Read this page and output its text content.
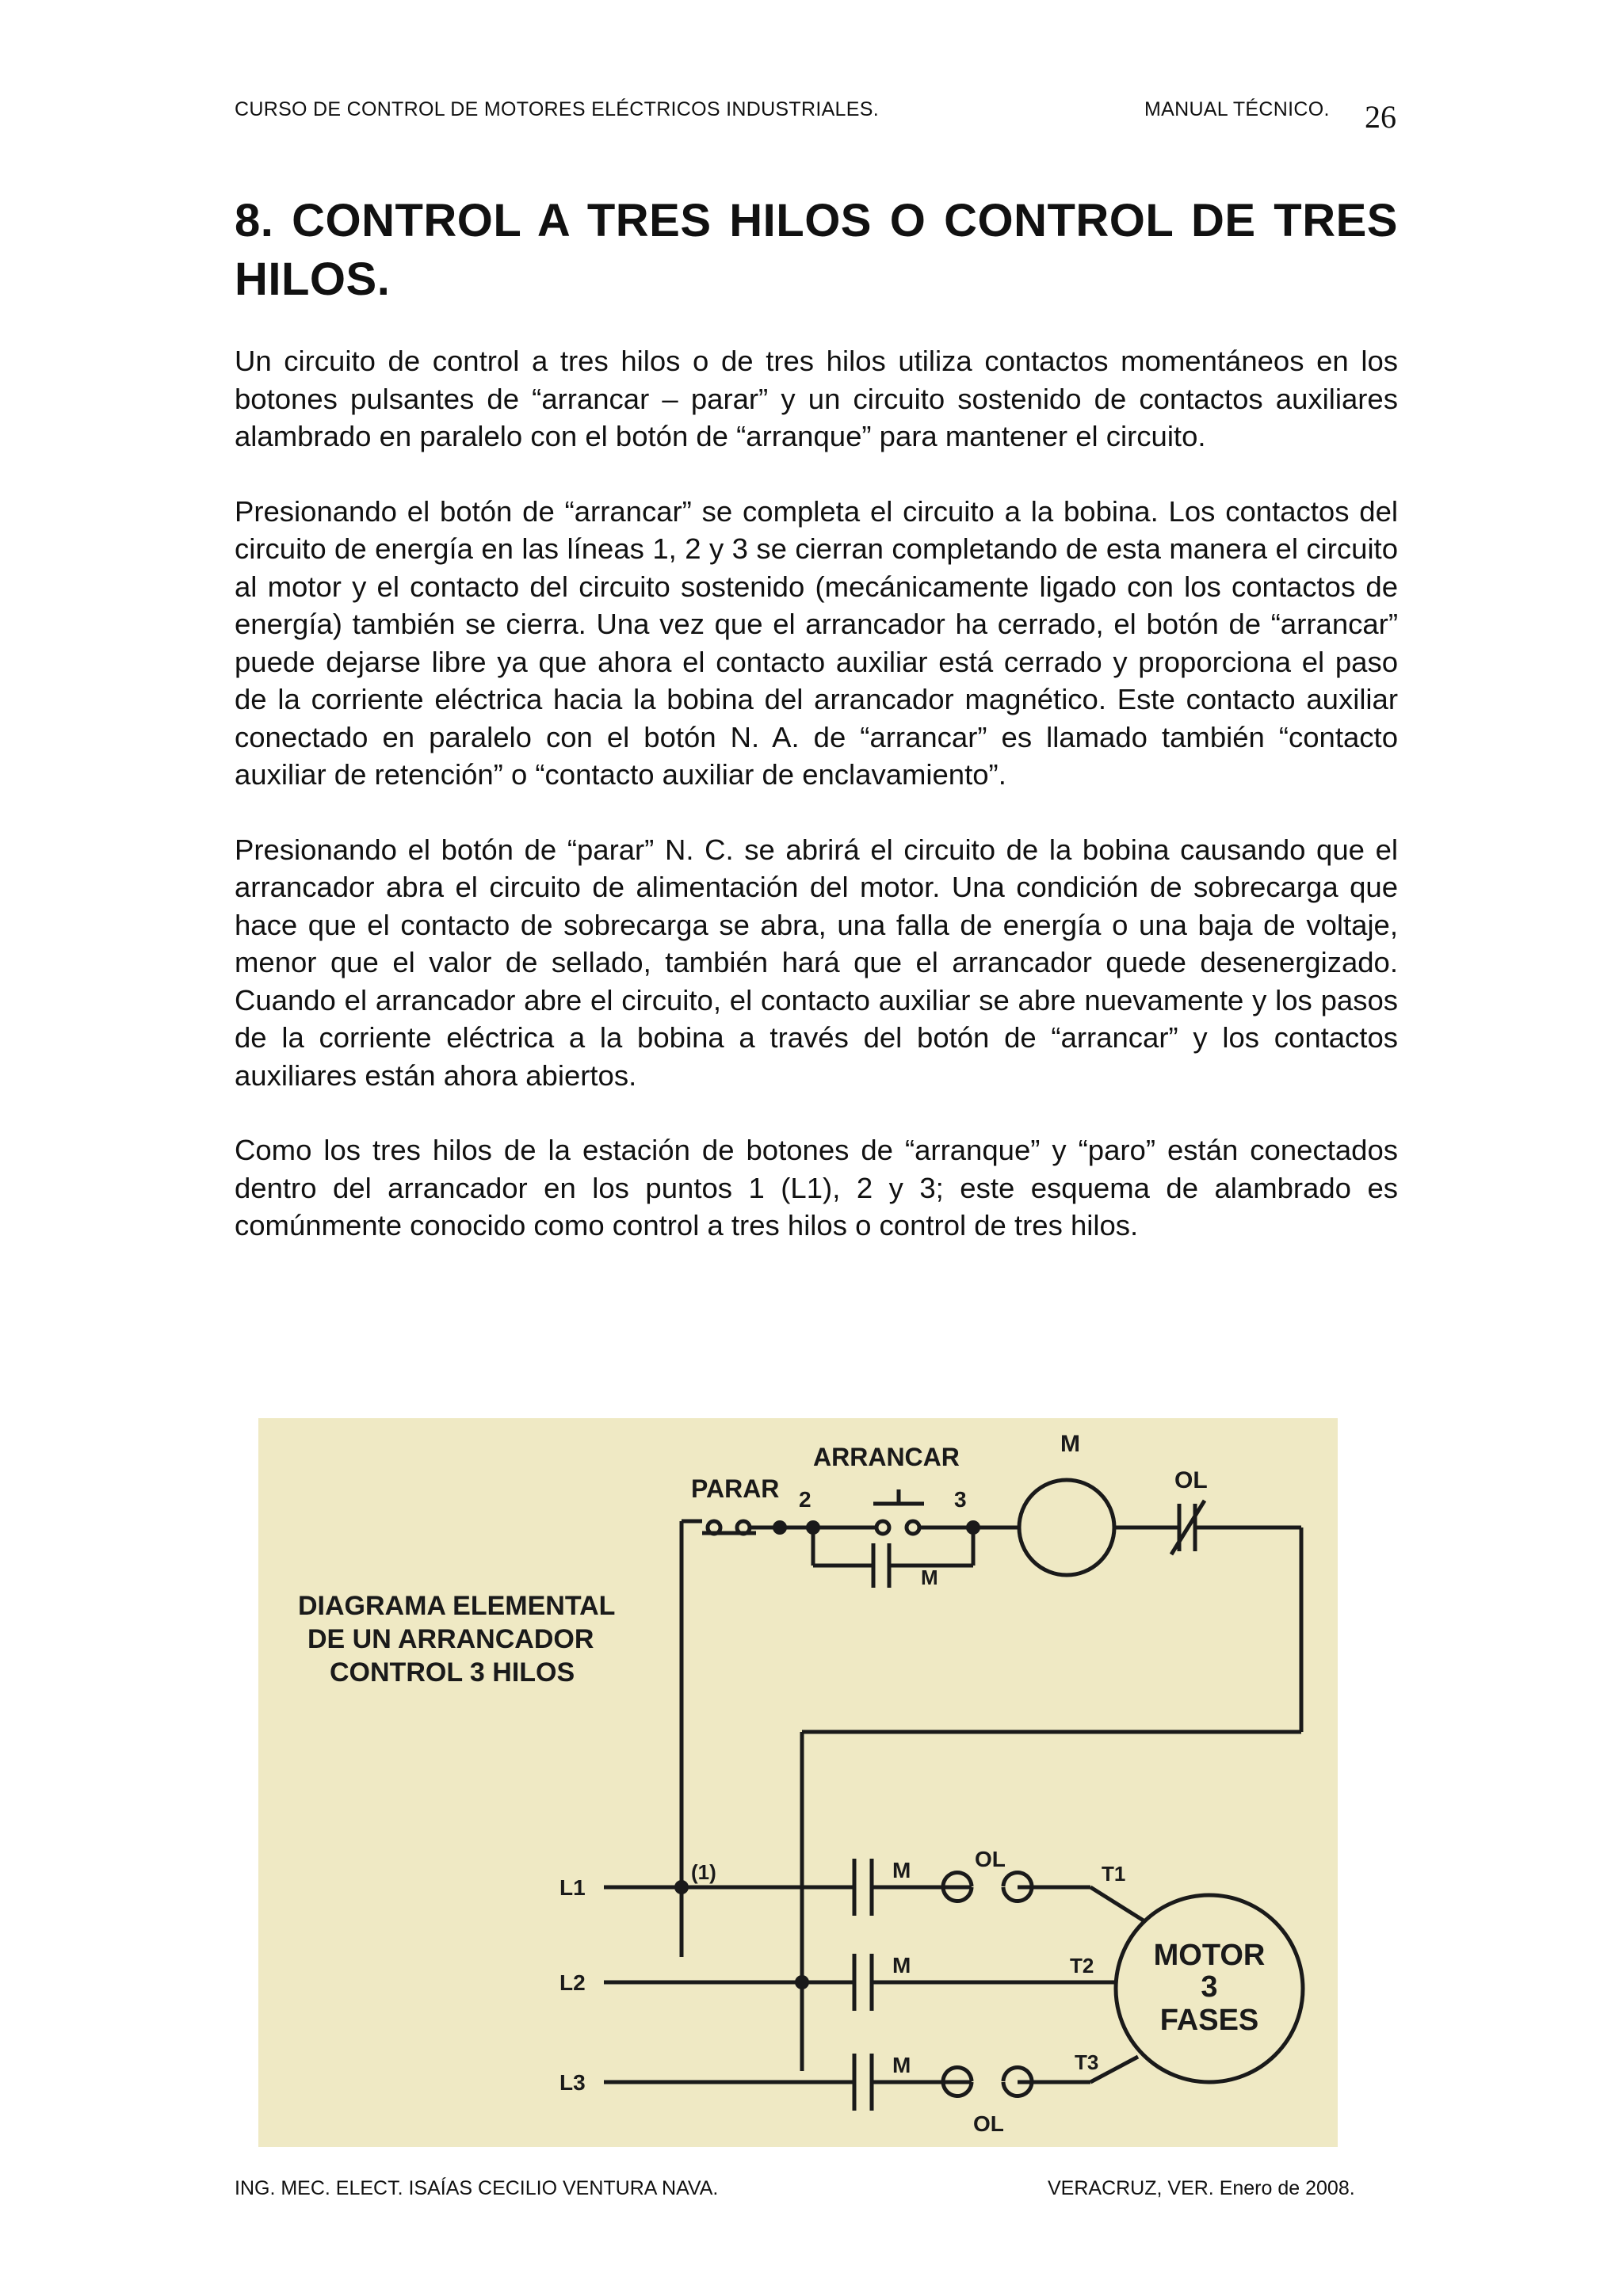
CURSO DE CONTROL DE MOTORES ELÉCTRICOS INDUSTRIALES.	MANUAL TÉCNICO. 26
8. CONTROL A TRES HILOS O CONTROL DE TRES HILOS.

Un circuito de control a tres hilos o de tres hilos utiliza contactos momentáneos en los botones pulsantes de “arrancar – parar” y un circuito sostenido de contactos auxiliares alambrado en paralelo con el botón de “arranque” para mantener el circuito.

Presionando el botón de “arrancar” se completa el circuito a la bobina. Los contactos del circuito de energía en las líneas 1, 2 y 3 se cierran completando de esta manera el circuito al motor y el contacto del circuito sostenido (mecánicamente ligado con los contactos de energía) también se cierra. Una vez que el arrancador ha cerrado, el botón de “arrancar” puede dejarse libre ya que ahora el contacto auxiliar está cerrado y proporciona el paso de la corriente eléctrica hacia la bobina del arrancador magnético. Este contacto auxiliar conectado en paralelo con el botón N. A. de “arrancar” es llamado también “contacto auxiliar de retención” o “contacto auxiliar de enclavamiento”.

Presionando el botón de “parar” N. C. se abrirá el circuito de la bobina causando que el arrancador abra el circuito de alimentación del motor. Una condición de sobrecarga que hace que el contacto de sobrecarga se abra, una falla de energía o una baja de voltaje, menor que el valor de sellado, también hará que el arrancador quede desenergizado. Cuando el arrancador abre el circuito, el contacto auxiliar se abre nuevamente y los pasos de la corriente eléctrica a la bobina a través del botón de “arrancar” y los contactos auxiliares están ahora abiertos.

Como los tres hilos de la estación de botones de “arranque” y “paro” están conectados dentro del arrancador en los puntos 1 (L1), 2 y 3; este esquema de alambrado es comúnmente conocido como control a tres hilos o control de tres hilos.

DIAGRAMA ELEMENTAL
DE UN ARRANCADOR
CONTROL 3 HILOS
PARAR
ARRANCAR
2	3
M
M
OL
(1)
L1
L2
L3
M
M
M
OL
OL
T1
T2
T3
MOTOR
3
FASES
ING. MEC. ELECT. ISAÍAS CECILIO VENTURA NAVA.	VERACRUZ, VER. Enero de 2008.
